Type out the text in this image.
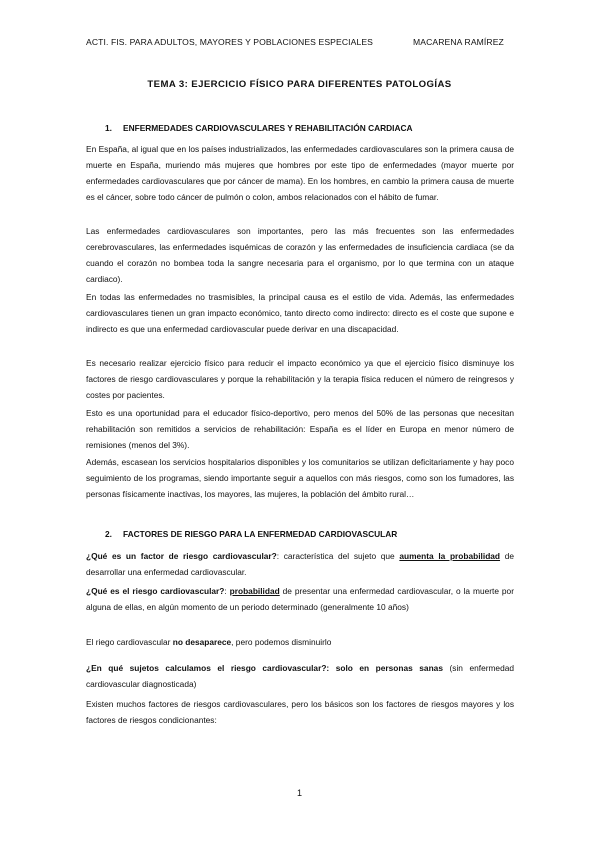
ACTI. FIS. PARA ADULTOS, MAYORES Y POBLACIONES ESPECIALES	MACARENA RAMÍREZ
TEMA 3: EJERCICIO FÍSICO PARA DIFERENTES PATOLOGÍAS
1. ENFERMEDADES CARDIOVASCULARES Y REHABILITACIÓN CARDIACA

En España, al igual que en los países industrializados, las enfermedades cardiovasculares son la primera causa de muerte en España, muriendo más mujeres que hombres por este tipo de enfermedades (mayor muerte por enfermedades cardiovasculares que por cáncer de mama). En los hombres, en cambio la primera causa de muerte es el cáncer, sobre todo cáncer de pulmón o colon, ambos relacionados con el hábito de fumar.

Las enfermedades cardiovasculares son importantes, pero las más frecuentes son las enfermedades cerebrovasculares, las enfermedades isquémicas de corazón y las enfermedades de insuficiencia cardiaca (se da cuando el corazón no bombea toda la sangre necesaria para el organismo, por lo que termina con un ataque cardiaco).

En todas las enfermedades no trasmisibles, la principal causa es el estilo de vida. Además, las enfermedades cardiovasculares tienen un gran impacto económico, tanto directo como indirecto: directo es el coste que supone e indirecto es que una enfermedad cardiovascular puede derivar en una discapacidad.

Es necesario realizar ejercicio físico para reducir el impacto económico ya que el ejercicio físico disminuye los factores de riesgo cardiovasculares y porque la rehabilitación y la terapia física reducen el número de reingresos y costes por pacientes.

Esto es una oportunidad para el educador físico-deportivo, pero menos del 50% de las personas que necesitan rehabilitación son remitidos a servicios de rehabilitación: España es el líder en Europa en menor número de remisiones (menos del 3%).

Además, escasean los servicios hospitalarios disponibles y los comunitarios se utilizan deficitariamente y hay poco seguimiento de los programas, siendo importante seguir a aquellos con más riesgos, como son los fumadores, las personas físicamente inactivas, los mayores, las mujeres, la población del ámbito rural…

2. FACTORES DE RIESGO PARA LA ENFERMEDAD CARDIOVASCULAR

¿Qué es un factor de riesgo cardiovascular?: característica del sujeto que aumenta la probabilidad de desarrollar una enfermedad cardiovascular.

¿Qué es el riesgo cardiovascular?: probabilidad de presentar una enfermedad cardiovascular, o la muerte por alguna de ellas, en algún momento de un periodo determinado (generalmente 10 años)

El riego cardiovascular no desaparece, pero podemos disminuirlo

¿En qué sujetos calculamos el riesgo cardiovascular?: solo en personas sanas (sin enfermedad cardiovascular diagnosticada)

Existen muchos factores de riesgos cardiovasculares, pero los básicos son los factores de riesgos mayores y los factores de riesgos condicionantes:

1
